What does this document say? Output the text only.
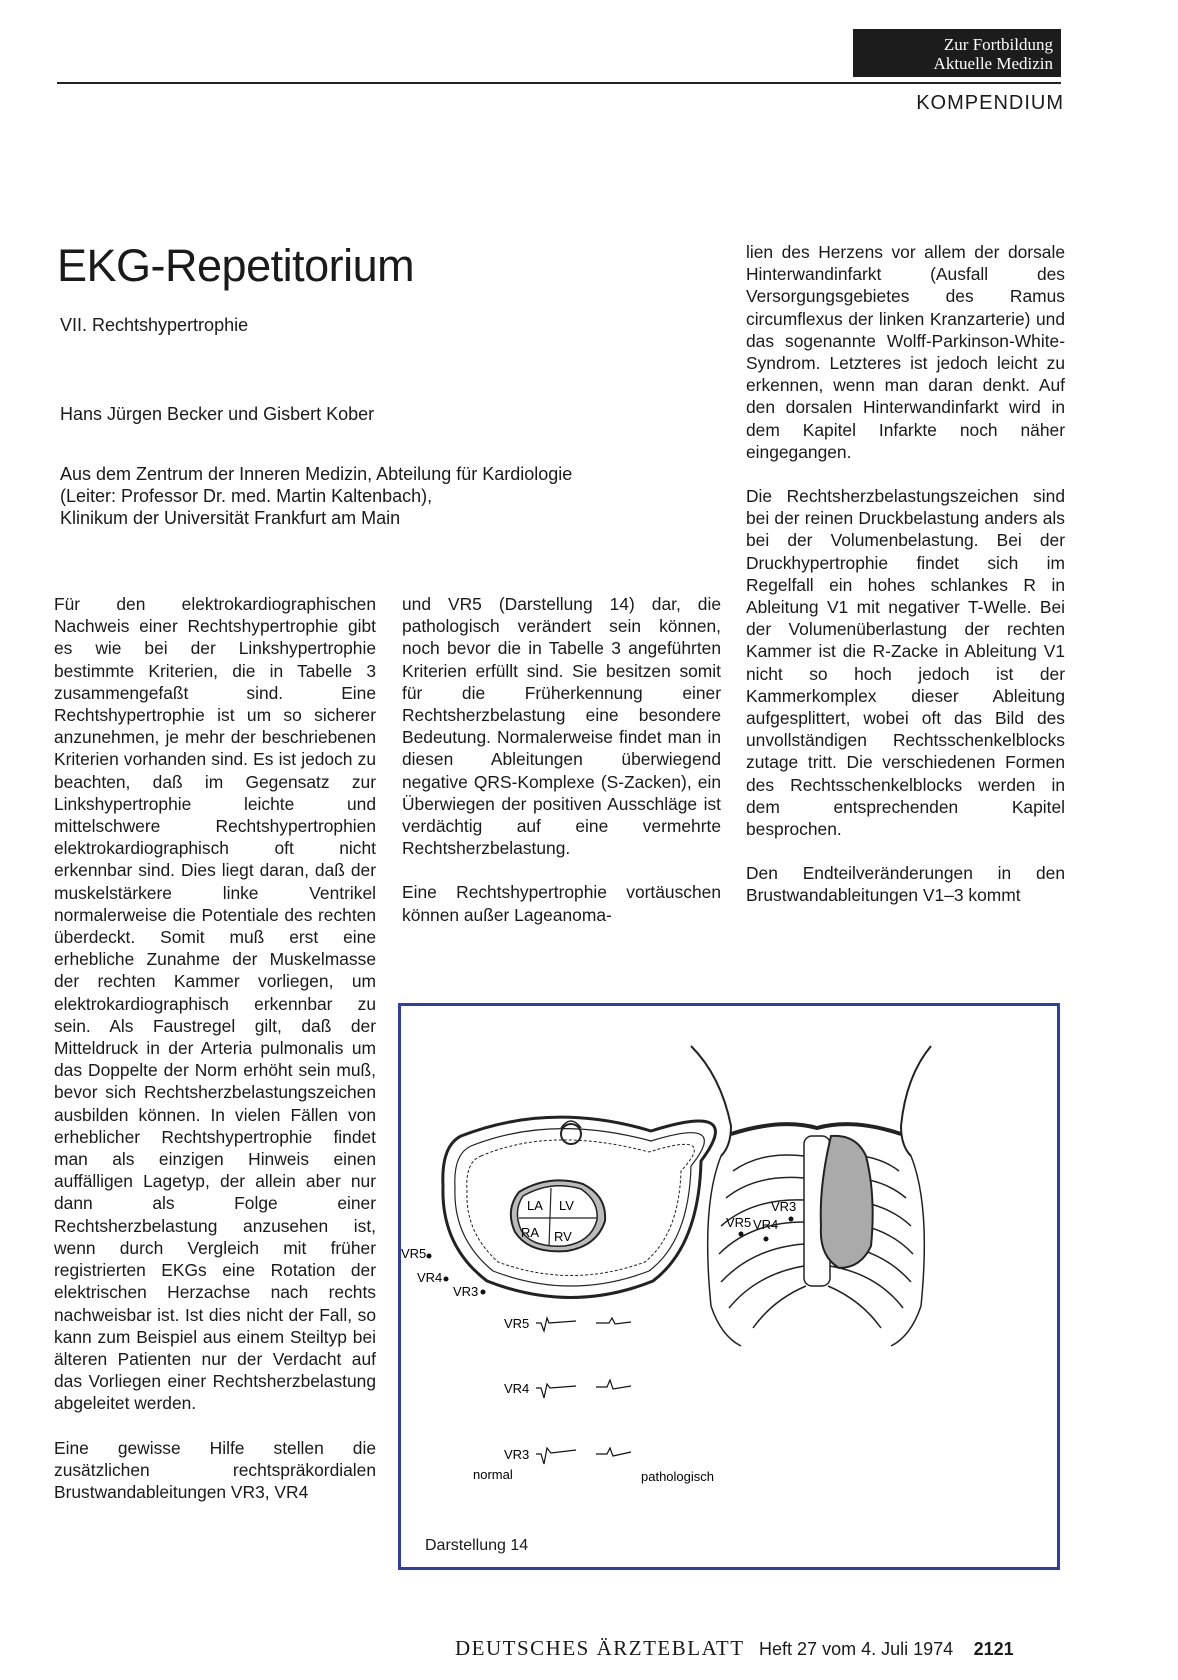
Zur Fortbildung
Aktuelle Medizin
KOMPENDIUM
EKG-Repetitorium
VII. Rechtshypertrophie
Hans Jürgen Becker und Gisbert Kober
Aus dem Zentrum der Inneren Medizin, Abteilung für Kardiologie
(Leiter: Professor Dr. med. Martin Kaltenbach),
Klinikum der Universität Frankfurt am Main

Für den elektrokardiographischen Nachweis einer Rechtshypertrophie gibt es wie bei der Linkshypertrophie bestimmte Kriterien, die in Tabelle 3 zusammengefaßt sind. Eine Rechtshypertrophie ist um so sicherer anzunehmen, je mehr der beschriebenen Kriterien vorhanden sind. Es ist jedoch zu beachten, daß im Gegensatz zur Linkshypertrophie leichte und mittelschwere Rechtshypertrophien elektrokardiographisch oft nicht erkennbar sind. Dies liegt daran, daß der muskelstärkere linke Ventrikel normalerweise die Potentiale des rechten überdeckt. Somit muß erst eine erhebliche Zunahme der Muskelmasse der rechten Kammer vorliegen, um elektrokardiographisch erkennbar zu sein. Als Faustregel gilt, daß der Mitteldruck in der Arteria pulmonalis um das Doppelte der Norm erhöht sein muß, bevor sich Rechtsherzbelastungszeichen ausbilden können. In vielen Fällen von erheblicher Rechtshypertrophie findet man als einzigen Hinweis einen auffälligen Lagetyp, der allein aber nur dann als Folge einer Rechtsherzbelastung anzusehen ist, wenn durch Vergleich mit früher registrierten EKGs eine Rotation der elektrischen Herzachse nach rechts nachweisbar ist. Ist dies nicht der Fall, so kann zum Beispiel aus einem Steiltyp bei älteren Patienten nur der Verdacht auf das Vorliegen einer Rechtsherzbelastung abgeleitet werden.

Eine gewisse Hilfe stellen die zusätzlichen rechtspräkordialen Brustwandableitungen VR3, VR4

und VR5 (Darstellung 14) dar, die pathologisch verändert sein können, noch bevor die in Tabelle 3 angeführten Kriterien erfüllt sind. Sie besitzen somit für die Früherkennung einer Rechtsherzbelastung eine besondere Bedeutung. Normalerweise findet man in diesen Ableitungen überwiegend negative QRS-Komplexe (S-Zacken), ein Überwiegen der positiven Ausschläge ist verdächtig auf eine vermehrte Rechtsherzbelastung.

Eine Rechtshypertrophie vortäuschen können außer Lageanoma-

lien des Herzens vor allem der dorsale Hinterwandinfarkt (Ausfall des Versorgungsgebietes des Ramus circumflexus der linken Kranzarterie) und das sogenannte Wolff-Parkinson-White-Syndrom. Letzteres ist jedoch leicht zu erkennen, wenn man daran denkt. Auf den dorsalen Hinterwandinfarkt wird in dem Kapitel Infarkte noch näher eingegangen.

Die Rechtsherzbelastungszeichen sind bei der reinen Druckbelastung anders als bei der Volumenbelastung. Bei der Druckhypertrophie findet sich im Regelfall ein hohes schlankes R in Ableitung V1 mit negativer T-Welle. Bei der Volumenüberlastung der rechten Kammer ist die R-Zacke in Ableitung V1 nicht so hoch jedoch ist der Kammerkomplex dieser Ableitung aufgesplittert, wobei oft das Bild des unvollständigen Rechtsschenkelblocks zutage tritt. Die verschiedenen Formen des Rechtsschenkelblocks werden in dem entsprechenden Kapitel besprochen.

Den Endteilveränderungen in den Brustwandableitungen V1–3 kommt

LA LV
RA RV
VR5
VR4
VR3
VR3
VR5 VR4
VR5
VR4
VR3
normal	pathologisch
Darstellung 14
DEUTSCHES ÄRZTEBLATT Heft 27 vom 4. Juli 1974 2121
